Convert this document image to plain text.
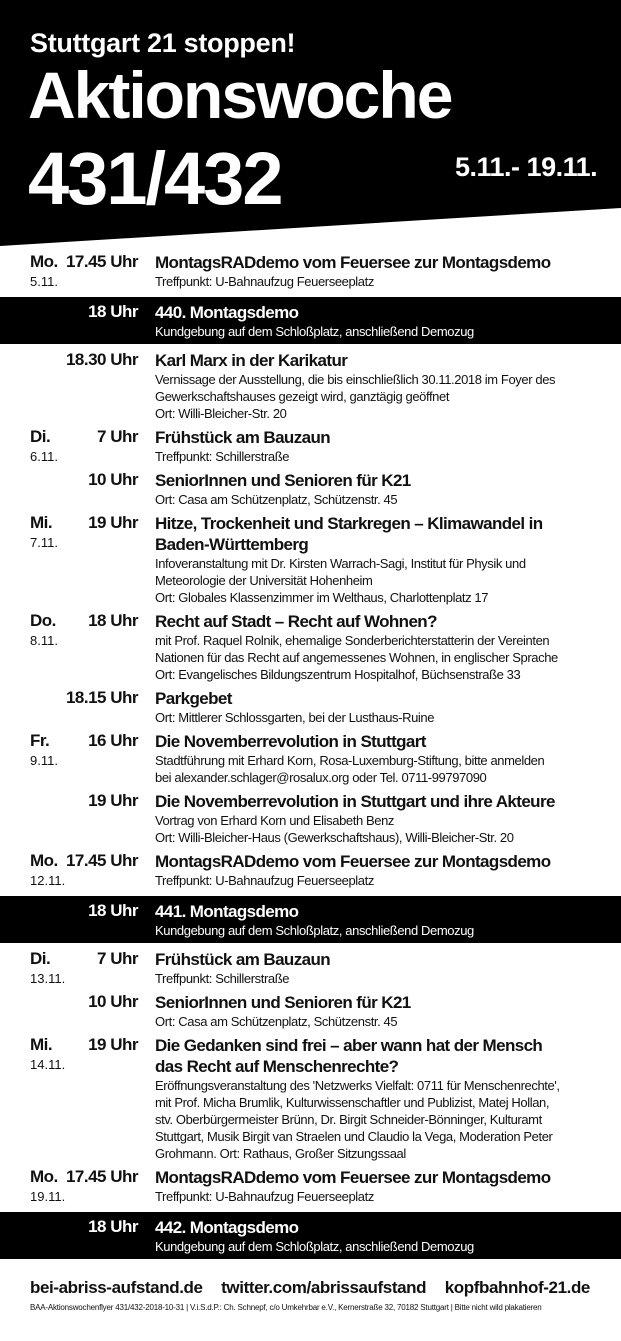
Stuttgart 21 stoppen!
Aktionswoche
431/432	5.11.- 19.11.
Mo.
5.11.
17.45 Uhr MontagsRADdemo vom Feuersee zur Montagsdemo
Treffpunkt: U-Bahnaufzug Feuerseeplatz
18 Uhr 440. Montagsdemo
Kundgebung auf dem Schloßplatz, anschließend Demozug
18.30 Uhr Karl Marx in der Karikatur
Vernissage der Ausstellung, die bis einschließlich 30.11.2018 im Foyer des
Gewerkschaftshauses gezeigt wird, ganztägig geöffnet
Ort: Willi-Bleicher-Str. 20
Di.
6.11.
7 Uhr Frühstück am Bauzaun
Treffpunkt: Schillerstraße
10 Uhr SeniorInnen und Senioren für K21
Ort: Casa am Schützenplatz, Schützenstr. 45
Mi.
7.11.
19 Uhr Hitze, Trockenheit und Starkregen – Klimawandel in
Baden-Württemberg
Infoveranstaltung mit Dr. Kirsten Warrach-Sagi, Institut für Physik und
Meteorologie der Universität Hohenheim
Ort: Globales Klassenzimmer im Welthaus, Charlottenplatz 17
Do.
8.11.
18 Uhr Recht auf Stadt – Recht auf Wohnen?
mit Prof. Raquel Rolnik, ehemalige Sonderberichterstatterin der Vereinten
Nationen für das Recht auf angemessenes Wohnen, in englischer Sprache
Ort: Evangelisches Bildungszentrum Hospitalhof, Büchsenstraße 33
18.15 Uhr Parkgebet
Ort: Mittlerer Schlossgarten, bei der Lusthaus-Ruine
Fr.
9.11.
16 Uhr Die Novemberrevolution in Stuttgart
Stadtführung mit Erhard Korn, Rosa-Luxemburg-Stiftung, bitte anmelden
bei alexander.schlager@rosalux.org oder Tel. 0711-99797090
19 Uhr Die Novemberrevolution in Stuttgart und ihre Akteure
Vortrag von Erhard Korn und Elisabeth Benz
Ort: Willi-Bleicher-Haus (Gewerkschaftshaus), Willi-Bleicher-Str. 20
Mo.
12.11.
17.45 Uhr MontagsRADdemo vom Feuersee zur Montagsdemo
Treffpunkt: U-Bahnaufzug Feuerseeplatz
18 Uhr 441. Montagsdemo
Kundgebung auf dem Schloßplatz, anschließend Demozug
Di.
13.11.
7 Uhr Frühstück am Bauzaun
Treffpunkt: Schillerstraße
10 Uhr SeniorInnen und Senioren für K21
Ort: Casa am Schützenplatz, Schützenstr. 45
Mi.
14.11.
19 Uhr Die Gedanken sind frei – aber wann hat der Mensch
das Recht auf Menschenrechte?
Eröffnungsveranstaltung des 'Netzwerks Vielfalt: 0711 für Menschenrechte',
mit Prof. Micha Brumlik, Kulturwissenschaftler und Publizist, Matej Hollan,
stv. Oberbürgermeister Brünn, Dr. Birgit Schneider-Bönninger, Kulturamt
Stuttgart, Musik Birgit van Straelen und Claudio la Vega, Moderation Peter
Grohmann. Ort: Rathaus, Großer Sitzungssaal
Mo.
19.11.
17.45 Uhr MontagsRADdemo vom Feuersee zur Montagsdemo
Treffpunkt: U-Bahnaufzug Feuerseeplatz
18 Uhr 442. Montagsdemo
Kundgebung auf dem Schloßplatz, anschließend Demozug
bei-abriss-aufstand.de twitter.com/abrissaufstand kopfbahnhof-21.de
BAA-Aktionswochenflyer 431/432-2018-10-31 | V.i.S.d.P.: Ch. Schnepf, c/o Umkehrbar e.V., Kernerstraße 32, 70182 Stuttgart | Bitte nicht wild plakatieren
